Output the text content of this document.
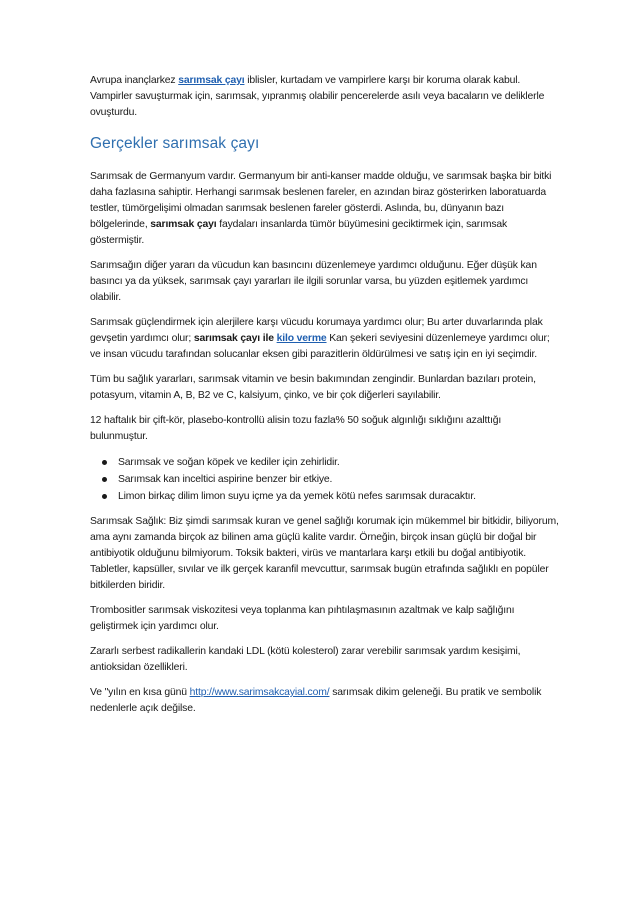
Avrupa inançlarkez sarımsak çayı iblisler, kurtadam ve vampirlere karşı bir koruma olarak kabul. Vampirler savuşturmak için, sarımsak, yıpranmış olabilir pencerelerde asılı veya bacaların ve deliklerle ovuşturdu.

Gerçekler sarımsak çayı

Sarımsak de Germanyum vardır. Germanyum bir anti-kanser madde olduğu, ve sarımsak başka bir bitki daha fazlasına sahiptir. Herhangi sarımsak beslenen fareler, en azından biraz gösterirken laboratuarda testler, tümörgelişimi olmadan sarımsak beslenen fareler gösterdi. Aslında, bu, dünyanın bazı bölgelerinde, sarımsak çayı faydaları insanlarda tümör büyümesini geciktirmek için, sarımsak göstermiştir.

Sarımsağın diğer yararı da vücudun kan basıncını düzenlemeye yardımcı olduğunu. Eğer düşük kan basıncı ya da yüksek, sarımsak çayı yararları ile ilgili sorunlar varsa, bu yüzden eşitlemek yardımcı olabilir.

Sarımsak güçlendirmek için alerjilere karşı vücudu korumaya yardımcı olur; Bu arter duvarlarında plak gevşetin yardımcı olur; sarımsak çayı ile kilo verme Kan şekeri seviyesini düzenlemeye yardımcı olur; ve insan vücudu tarafından solucanlar eksen gibi parazitlerin öldürülmesi ve satış için en iyi seçimdir.

Tüm bu sağlık yararları, sarımsak vitamin ve besin bakımından zengindir. Bunlardan bazıları protein, potasyum, vitamin A, B, B2 ve C, kalsiyum, çinko, ve bir çok diğerleri sayılabilir.

12 haftalık bir çift-kör, plasebo-kontrollü alisin tozu fazla% 50 soğuk algınlığı sıklığını azalttığı bulunmuştur.

Sarımsak ve soğan köpek ve kediler için zehirlidir.
Sarımsak kan inceltici aspirine benzer bir etkiye.
Limon birkaç dilim limon suyu içme ya da yemek kötü nefes sarımsak duracaktır.

Sarımsak Sağlık: Biz şimdi sarımsak kuran ve genel sağlığı korumak için mükemmel bir bitkidir, biliyorum, ama aynı zamanda birçok az bilinen ama güçlü kalite vardır. Örneğin, birçok insan güçlü bir doğal bir antibiyotik olduğunu bilmiyorum. Toksik bakteri, virüs ve mantarlara karşı etkili bu doğal antibiyotik. Tabletler, kapsüller, sıvılar ve ilk gerçek karanfil mevcuttur, sarımsak bugün etrafında sağlıklı en popüler bitkilerden biridir.

Trombositler sarımsak viskozitesi veya toplanma kan pıhtılaşmasının azaltmak ve kalp sağlığını geliştirmek için yardımcı olur.

Zararlı serbest radikallerin kandaki LDL (kötü kolesterol) zarar verebilir sarımsak yardım kesişimi, antioksidan özellikleri.

Ve "yılın en kısa günü http://www.sarimsakcayial.com/ sarımsak dikim geleneği. Bu pratik ve sembolik nedenlerle açık değilse.
